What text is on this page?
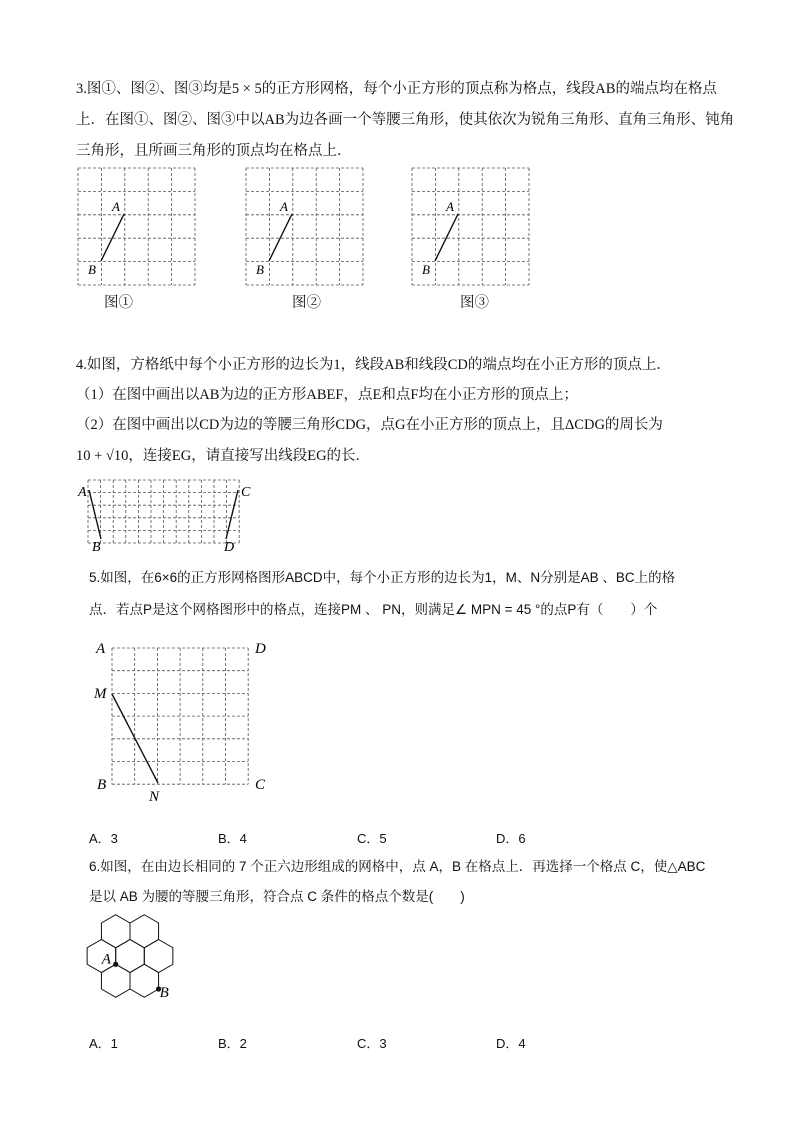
3.图①、图②、图③均是5 × 5的正方形网格，每个小正方形的顶点称为格点，线段AB的端点均在格点
上．在图①、图②、图③中以AB为边各画一个等腰三角形，使其依次为锐角三角形、直角三角形、钝角
三角形，且所画三角形的顶点均在格点上．
A
B
A
B
A
B
图①	图②	图③
4.如图，方格纸中每个小正方形的边长为1，线段AB和线段CD的端点均在小正方形的顶点上．
（1）在图中画出以AB为边的正方形ABEF，点E和点F均在小正方形的顶点上；
（2）在图中画出以CD为边的等腰三角形CDG，点G在小正方形的顶点上，且ΔCDG的周长为
10 + √10，连接EG，请直接写出线段EG的长．
A
B
C
D
5.如图，在6×6的正方形网格图形ABCD中，每个小正方形的边长为1，M、N分别是AB 、BC上的格
点．若点P是这个网格图形中的格点，连接PM 、 PN，则满足∠ MPN = 45 °的点P有（　　）个
A	D
M
B	C
N
A．3	B．4	C．5	D．6
6.如图，在由边长相同的 7 个正六边形组成的网格中，点 A，B 在格点上．再选择一个格点 C，使△ABC
是以 AB 为腰的等腰三角形，符合点 C 条件的格点个数是(　　)
A
B
A．1	B．2	C．3	D．4
